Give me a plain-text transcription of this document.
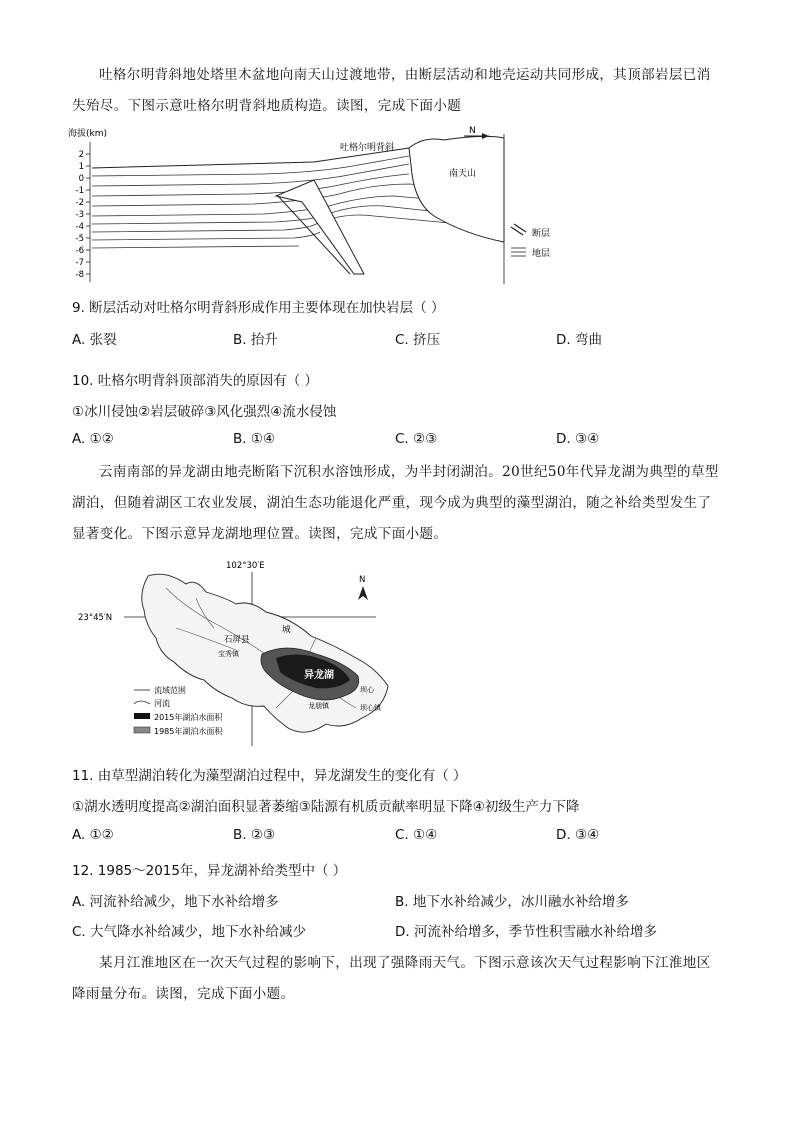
吐格尔明背斜地处塔里木盆地向南天山过渡地带，由断层活动和地壳运动共同形成，其顶部岩层已消失殆尽。下图示意吐格尔明背斜地质构造。读图，完成下面小题
海拔(km)
2
1
0
-1
-2
-3
-4
-5
-6
-7
-8
吐格尔明背斜
南天山
N
断层
地层
9. 断层活动对吐格尔明背斜形成作用主要体现在加快岩层（ ）
A. 张裂	B. 抬升	C. 挤压	D. 弯曲
10. 吐格尔明背斜顶部消失的原因有（ ）
①冰川侵蚀②岩层破碎③风化强烈④流水侵蚀
A. ①②	B. ①④	C. ②③	D. ③④
云南南部的异龙湖由地壳断陷下沉积水溶蚀形成，为半封闭湖泊。20世纪50年代异龙湖为典型的草型湖泊，但随着湖区工农业发展，湖泊生态功能退化严重，现今成为典型的藻型湖泊，随之补给类型发生了显著变化。下图示意异龙湖地理位置。读图，完成下面小题。
102°30′E
23°45′N
异龙湖
石屏县
城
坝心
坝心镇
龙朋镇
宝秀镇
N
流域范围
河流
2015年湖泊水面积
1985年湖泊水面积
11. 由草型湖泊转化为藻型湖泊过程中，异龙湖发生的变化有（ ）
①湖水透明度提高②湖泊面积显著萎缩③陆源有机质贡献率明显下降④初级生产力下降
A. ①②	B. ②③	C. ①④	D. ③④
12. 1985～2015年，异龙湖补给类型中（ ）
A. 河流补给减少，地下水补给增多	B. 地下水补给减少，冰川融水补给增多
C. 大气降水补给减少，地下水补给减少	D. 河流补给增多，季节性积雪融水补给增多
某月江淮地区在一次天气过程的影响下，出现了强降雨天气。下图示意该次天气过程影响下江淮地区降雨量分布。读图，完成下面小题。
